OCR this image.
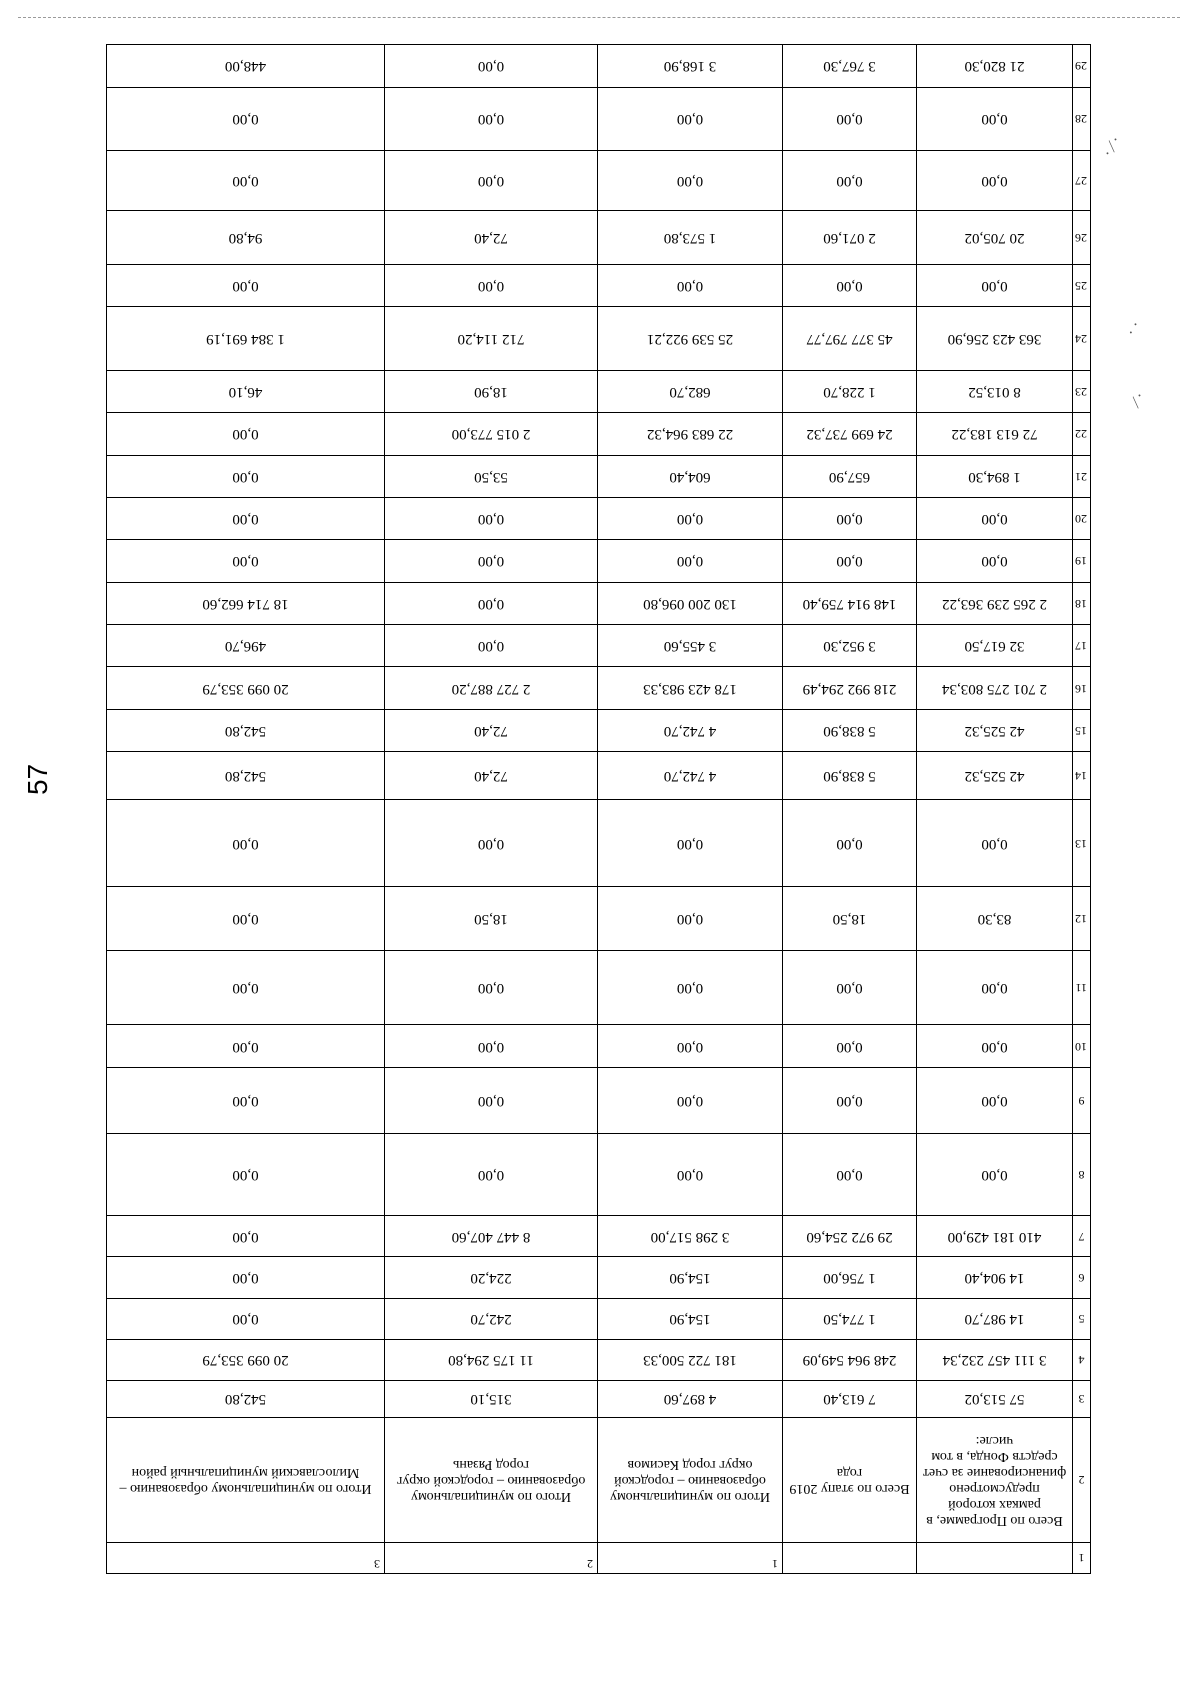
57
· ⁄ ·
· ·
⁄ ·
1			1	2	3
2	Всего по Программе, в рамках которой предусмотрено финансирование за счет средств Фонда, в том числе:	Всего по этапу 2019 года	Итого по муниципальному образованию – городской округ город Касимов	Итого по муниципальному образованию – городской округ город Рязань	Итого по муниципальному образованию – Милославский муниципальный район
3	57 513,02	7 613,40	4 897,60	315,10	542,80
4	3 111 457 232,34	248 964 549,09	181 722 500,33	11 175 294,80	20 099 353,79
5	14 987,70	1 774,50	154,90	242,70	0,00
6	14 904,40	1 756,00	154,90	224,20	0,00
7	410 181 429,00	29 972 254,60	3 298 517,00	8 447 407,60	0,00
8	0,00	0,00	0,00	0,00	0,00
9	0,00	0,00	0,00	0,00	0,00
10	0,00	0,00	0,00	0,00	0,00
11	0,00	0,00	0,00	0,00	0,00
12	83,30	18,50	0,00	18,50	0,00
13	0,00	0,00	0,00	0,00	0,00
14	42 525,32	5 838,90	4 742,70	72,40	542,80
15	42 525,32	5 838,90	4 742,70	72,40	542,80
16	2 701 275 803,34	218 992 294,49	178 423 983,33	2 727 887,20	20 099 353,79
17	32 617,50	3 952,30	3 455,60	0,00	496,70
18	2 265 239 363,22	148 914 759,40	130 200 096,80	0,00	18 714 662,60
19	0,00	0,00	0,00	0,00	0,00
20	0,00	0,00	0,00	0,00	0,00
21	1 894,30	657,90	604,40	53,50	0,00
22	72 613 183,22	24 699 737,32	22 683 964,32	2 015 773,00	0,00
23	8 013,52	1 228,70	682,70	18,90	46,10
24	363 423 256,90	45 377 797,77	25 539 922,21	712 114,20	1 384 691,19
25	0,00	0,00	0,00	0,00	0,00
26	20 705,02	2 071,60	1 573,80	72,40	94,80
27	0,00	0,00	0,00	0,00	0,00
28	0,00	0,00	0,00	0,00	0,00
29	21 820,30	3 767,30	3 168,90	0,00	448,00
